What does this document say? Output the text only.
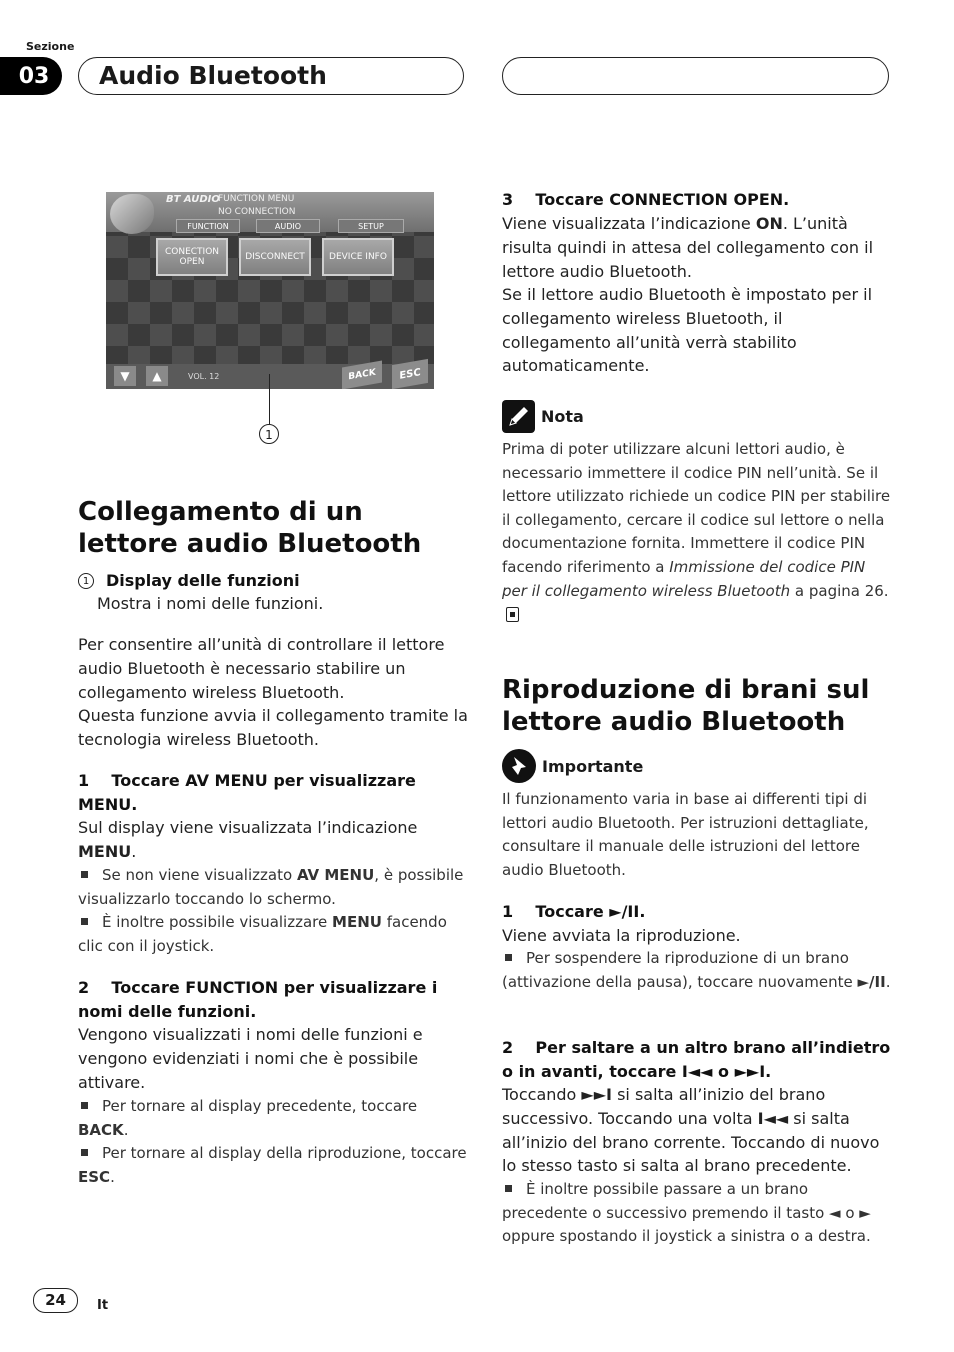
Sezione
03	Audio Bluetooth
BT AUDIO
FUNCTION MENU
NO CONNECTION
FUNCTION	AUDIO	SETUP
CONECTION OPEN	DISCONNECT	DEVICE INFO
▼	▲	VOL. 12	BACK	ESC
1
Collegamento di un lettore audio Bluetooth
1 Display delle funzioni
Mostra i nomi delle funzioni.
Per consentire all’unità di controllare il lettore audio Bluetooth è necessario stabilire un collegamento wireless Bluetooth.
Questa funzione avvia il collegamento tramite la tecnologia wireless Bluetooth.
1 Toccare AV MENU per visualizzare MENU.
Sul display viene visualizzata l’indicazione MENU.
Se non viene visualizzato AV MENU, è possibile visualizzarlo toccando lo schermo.
È inoltre possibile visualizzare MENU facendo clic con il joystick.
2 Toccare FUNCTION per visualizzare i nomi delle funzioni.
Vengono visualizzati i nomi delle funzioni e vengono evidenziati i nomi che è possibile attivare.
Per tornare al display precedente, toccare BACK.
Per tornare al display della riproduzione, toccare ESC.
3 Toccare CONNECTION OPEN.
Viene visualizzata l’indicazione ON. L’unità risulta quindi in attesa del collegamento con il lettore audio Bluetooth.
Se il lettore audio Bluetooth è impostato per il collegamento wireless Bluetooth, il collegamento all’unità verrà stabilito automaticamente.
Nota
Prima di poter utilizzare alcuni lettori audio, è necessario immettere il codice PIN nell’unità. Se il lettore utilizzato richiede un codice PIN per stabilire il collegamento, cercare il codice sul lettore o nella documentazione fornita. Immettere il codice PIN facendo riferimento a Immissione del codice PIN per il collegamento wireless Bluetooth a pagina 26.
Riproduzione di brani sul lettore audio Bluetooth
Importante
Il funzionamento varia in base ai differenti tipi di lettori audio Bluetooth. Per istruzioni dettagliate, consultare il manuale delle istruzioni del lettore audio Bluetooth.
1 Toccare ►/II.
Viene avviata la riproduzione.
Per sospendere la riproduzione di un brano (attivazione della pausa), toccare nuovamente ►/II.
2 Per saltare a un altro brano all’indietro o in avanti, toccare I◄◄ o ►►I.
Toccando ►►I si salta all’inizio del brano successivo. Toccando una volta I◄◄ si salta all’inizio del brano corrente. Toccando di nuovo lo stesso tasto si salta al brano precedente.
È inoltre possibile passare a un brano precedente o successivo premendo il tasto ◄ o ► oppure spostando il joystick a sinistra o a destra.
24	It
